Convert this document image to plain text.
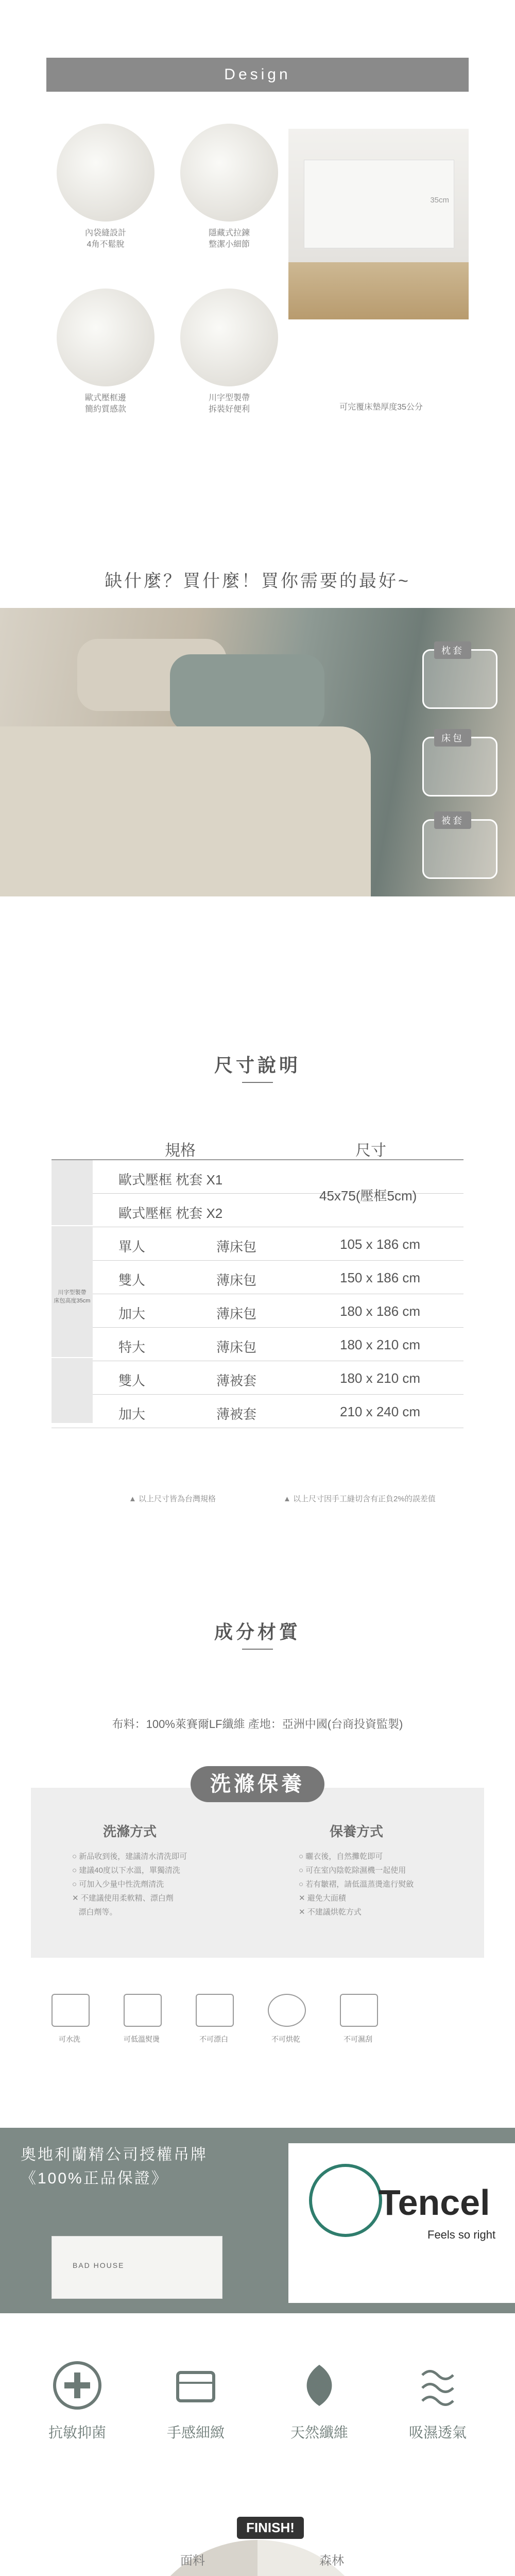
Design
內袋縫設計
4角不鬆脫
隱藏式拉鍊
整潔小細節
歐式壓框邊
簡約質感款
川字型製帶
拆裝好便利
35cm
可完覆床墊厚度35公分
缺什麼？買什麼！買你需要的最好~
枕套
床包
被套
尺寸說明
規格	尺寸
歐式壓框 枕套 X1
歐式壓框 枕套 X2
45x75(壓框5cm)
單人	薄床包	105 x 186 cm
雙人	薄床包	150 x 186 cm
加大	薄床包	180 x 186 cm
特大	薄床包	180 x 210 cm
雙人	薄被套	180 x 210 cm
加大	薄被套	210 x 240 cm
川字型製帶
床包高度35cm
▲ 以上尺寸皆為台灣規格	▲ 以上尺寸因手工縫切含有正負2%的誤差值
成分材質
布料：100%萊賽爾LF纖維 產地：亞洲中國(台商投資監製)
洗滌保養
洗滌方式	保養方式
○ 新品收到後，建議清水清洗即可
○ 建議40度以下水溫，單獨清洗
○ 可加入少量中性洗劑清洗
✕ 不建議使用柔軟精、漂白劑
漂白劑等。
○ 曬衣後，自然攤乾即可
○ 可在室內陰乾除濕機一起使用
○ 若有皺褶，請低溫蒸燙進行熨斂
✕ 避免大面積
✕ 不建議烘乾方式
可水洗	可低溫熨燙	不可漂白	不可烘乾	不可濕刮
奧地利蘭精公司授權吊牌
《100%正品保證》
BAD HOUSE
Tencel
Feels so right
抗敏抑菌	手感細緻	天然纖維	吸濕透氣
FINISH!
面料	森林
